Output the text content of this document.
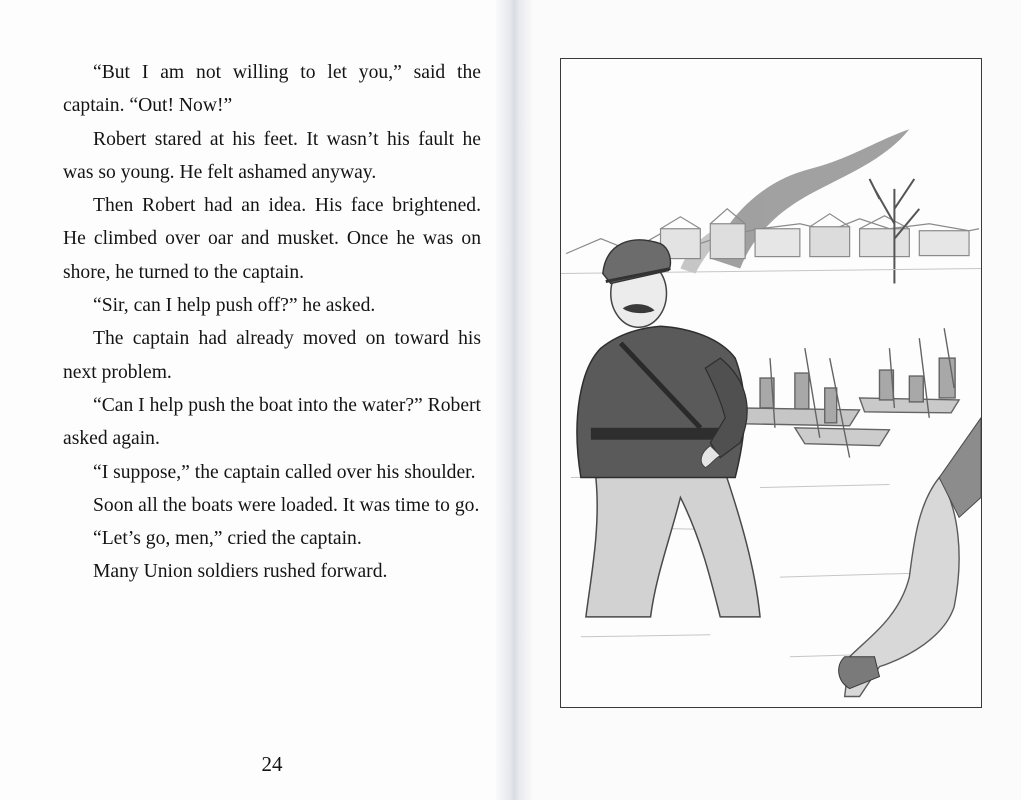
“But I am not willing to let you,” said the captain. “Out! Now!”

Robert stared at his feet. It wasn’t his fault he was so young. He felt ashamed anyway.

Then Robert had an idea. His face brightened. He climbed over oar and musket. Once he was on shore, he turned to the captain.

“Sir, can I help push off?” he asked.

The captain had already moved on toward his next problem.

“Can I help push the boat into the water?” Robert asked again.

“I suppose,” the captain called over his shoulder.

Soon all the boats were loaded. It was time to go.

“Let’s go, men,” cried the captain.

Many Union soldiers rushed forward.

24
